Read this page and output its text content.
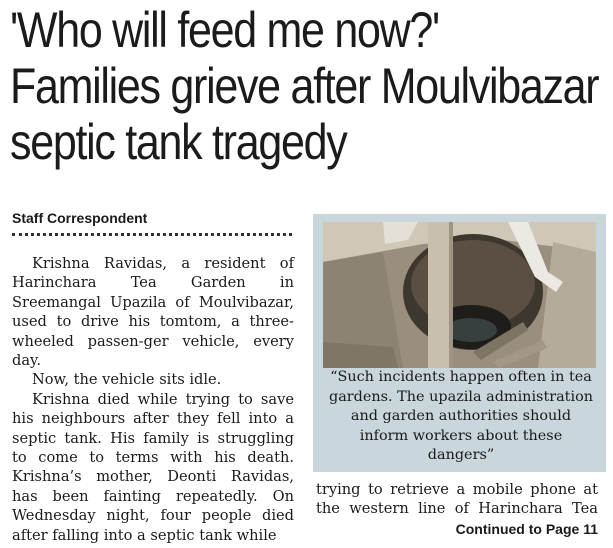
'Who will feed me now?'
Families grieve after Moulvibazar
septic tank tragedy
Staff Correspondent

Krishna Ravidas, a resident of Harinchara Tea Garden in Sreemangal Upazila of Moulvibazar, used to drive his tomtom, a three-wheeled passen-ger vehicle, every day.

Now, the vehicle sits idle.

Krishna died while trying to save his neighbours after they fell into a septic tank. His family is struggling to come to terms with his death. Krishna’s mother, Deonti Ravidas, has been fainting repeatedly. On Wednesday night, four people died after falling into a septic tank while

“Such incidents happen often in tea gardens. The upazila administration and garden authorities should inform workers about these dangers”

trying to retrieve a mobile phone at the western line of Harinchara Tea

Continued to Page 11
